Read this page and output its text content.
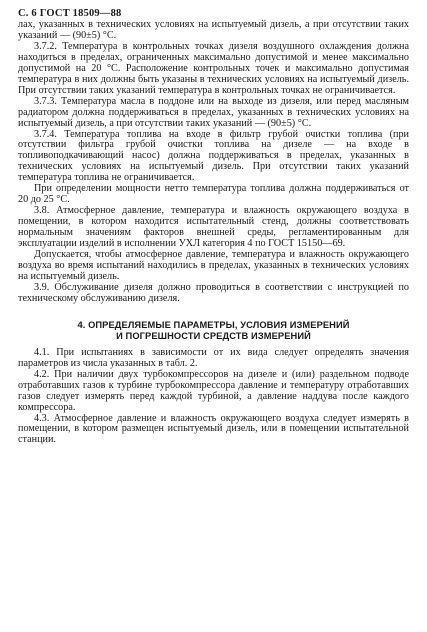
С. 6 ГОСТ 18509—88

лах, указанных в технических условиях на испытуемый дизель, а при отсутствии таких указаний — (90±5) °С.

3.7.2. Температура в контрольных точках дизеля воздушного охлаждения должна находиться в пределах, ограниченных максимально допустимой и менее максимально допустимой на 20 °С. Расположение контрольных точек и максимально допустимая температура в них должны быть указаны в технических условиях на испытуемый дизель. При отсутствии таких указаний температура в контрольных точках не ограничивается.

3.7.3. Температура масла в поддоне или на выходе из дизеля, или перед масляным радиатором должна поддерживаться в пределах, указанных в технических условиях на испытуемый дизель, а при отсутствии таких указаний — (90±5) °С.

3.7.4. Температура топлива на входе в фильтр грубой очистки топлива (при отсутствии фильтра грубой очистки топлива на дизеле — на входе в топливоподкачивающий насос) должна поддерживаться в пределах, указанных в технических условиях на испытуемый дизель. При отсутствии таких указаний температура топлива не ограничивается.

При определении мощности нетто температура топлива должна поддерживаться от 20 до 25 °С.

3.8. Атмосферное давление, температура и влажность окружающего воздуха в помещении, в котором находится испытательный стенд, должны соответствовать нормальным значениям факторов внешней среды, регламентированным для эксплуатации изделий в исполнении УХЛ категория 4 по ГОСТ 15150—69.

Допускается, чтобы атмосферное давление, температура и влажность окружающего воздуха во время испытаний находились в пределах, указанных в технических условиях на испытуемый дизель.

3.9. Обслуживание дизеля должно проводиться в соответствии с инструкцией по техническому обслуживанию дизеля.

4. ОПРЕДЕЛЯЕМЫЕ ПАРАМЕТРЫ, УСЛОВИЯ ИЗМЕРЕНИЙ
И ПОГРЕШНОСТИ СРЕДСТВ ИЗМЕРЕНИЙ

4.1. При испытаниях в зависимости от их вида следует определять значения параметров из числа указанных в табл. 2.

4.2. При наличии двух турбокомпрессоров на дизеле и (или) раздельном подводе отработавших газов к турбине турбокомпрессора давление и температуру отработавших газов следует измерять перед каждой турбиной, а давление наддува после каждого компрессора.

4.3. Атмосферное давление и влажность окружающего воздуха следует измерять в помещении, в котором размещен испытуемый дизель, или в помещении испытательной станции.
